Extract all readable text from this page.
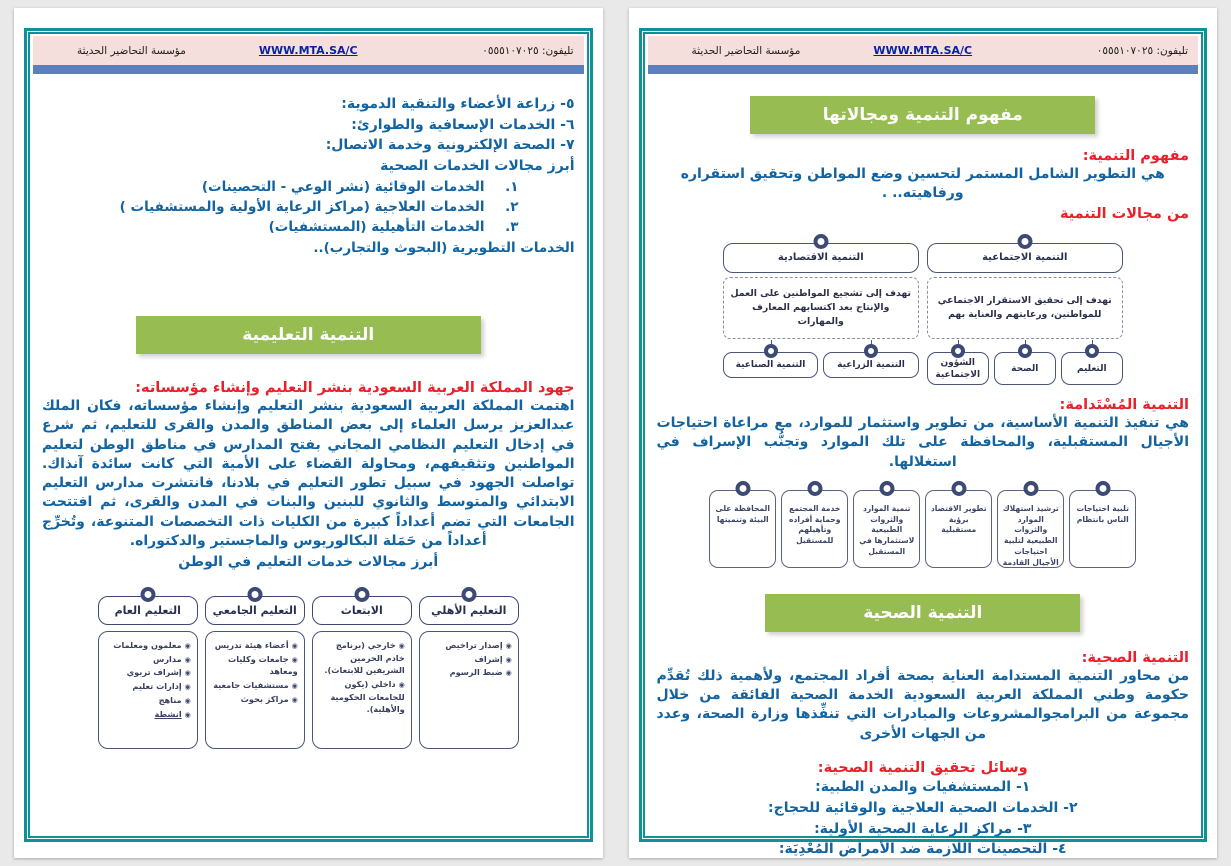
تليفون: ٠٥٥٥١٠٧٠٢٥
WWW.MTA.SA/C
مؤسسة التحاضير الحديثة
مفهوم التنمية ومجالاتها
مفهوم التنمية:

هي التطوير الشامل المستمر لتحسين وضع المواطن وتحقيق استقراره ورفاهيته.. .

من مجالات التنمية
التنمية الاجتماعية
تهدف إلى تحقيق الاستقرار الاجتماعي للمواطنين، ورعايتهم والعناية بهم
التعليم
الصحة
الشؤون الاجتماعية
التنمية الاقتصادية
تهدف إلى تشجيع المواطنين على العمل والإنتاج بعد اكتسابهم المعارف والمهارات
التنمية الزراعية
التنمية الصناعية
التنمية المُسْتَدامة:

هي تنفيذ التنمية الأساسية، من تطوير واستثمار للموارد، مع مراعاة احتياجات الأجيال المستقبلية، والمحافظة على تلك الموارد وتجنُّب الإسراف في استغلالها.

تلبية احتياجات الناس بانتظام
ترشيد استهلاك الموارد والثروات الطبيعية لتلبية احتياجات الأجيال القادمة
تطوير الاقتصاد برؤية مستقبلية
تنمية الموارد والثروات الطبيعية لاستثمارها في المستقبل
خدمة المجتمع وحماية أفراده وتأهيلهم للمستقبل
المحافظة على البيئة وتنميتها
التنمية الصحية
التنمية الصحية:

من محاور التنمية المستدامة العناية بصحة أفراد المجتمع، ولأهمية ذلك تُقدِّم حكومة وطني المملكة العربية السعودية الخدمة الصحية الفائقة من خلال مجموعة من البرامجوالمشروعات والمبادرات التي تنفِّذها وزارة الصحة، وعدد من الجهات الأخرى

وسائل تحقيق التنمية الصحية:
١- المستشفيات والمدن الطبية:
٢- الخدمات الصحية العلاجية والوقائية للحجاج:
٣- مراكز الرعاية الصحية الأولية:
٤- التحصينات اللازمة ضد الأمراض المُعْدِيَة:
تليفون: ٠٥٥٥١٠٧٠٢٥
WWW.MTA.SA/C
مؤسسة التحاضير الحديثة
٥- زراعة الأعضاء والتنقية الدموية:
٦- الخدمات الإسعافية والطوارئ:
٧- الصحة الإلكترونية وخدمة الاتصال:
أبرز مجالات الخدمات الصحية
١.
الخدمات الوقائية (نشر الوعي - التحصينات)
٢.
الخدمات العلاجية (مراكز الرعاية الأولية والمستشفيات )
٣.
الخدمات التأهيلية (المستشفيات)
الخدمات التطويرية (البحوث والتجارب)..
التنمية التعليمية
جهود المملكة العربية السعودية بنشر التعليم وإنشاء مؤسساته:

اهتمت المملكة العربية السعودية بنشر التعليم وإنشاء مؤسساته، فكان الملك عبدالعزيز يرسل العلماء إلى بعض المناطق والمدن والقرى للتعليم، ثم شرع في إدخال التعليم النظامي المجاني بفتح المدارس في مناطق الوطن لتعليم المواطنين وتثقيفهم، ومحاولة القضاء على الأمية التي كانت سائدة آنذاك. تواصلت الجهود في سبيل تطور التعليم في بلادنا، فانتشرت مدارس التعليم الابتدائي والمتوسط والثانوي للبنين والبنات في المدن والقرى، ثم افتتحت الجامعات التي تضم أعداداً كبيرة من الكليات ذات التخصصات المتنوعة، وتُخرِّج أعداداً من حَمَلة البكالوريوس والماجستير والدكتوراه.

أبرز مجالات خدمات التعليم في الوطن

التعليم الأهلي
◉ إصدار تراخيص
◉ إشراف
◉ ضبط الرسوم
الابتعاث
◉ خارجي (برنامج خادم الحرمين الشريفين للابتعاث).
◉ داخلي (يكون للجامعات الحكومية والأهلية).
التعليم الجامعي
◉ أعضاء هيئة تدريس
◉ جامعات وكليات ومعاهد
◉ مستشفيات جامعية
◉ مراكز بحوث
التعليم العام
◉ معلمون ومعلمات
◉ مدارس
◉ إشراف تربوي
◉ إدارات تعليم
◉ مناهج
◉ انشطة
